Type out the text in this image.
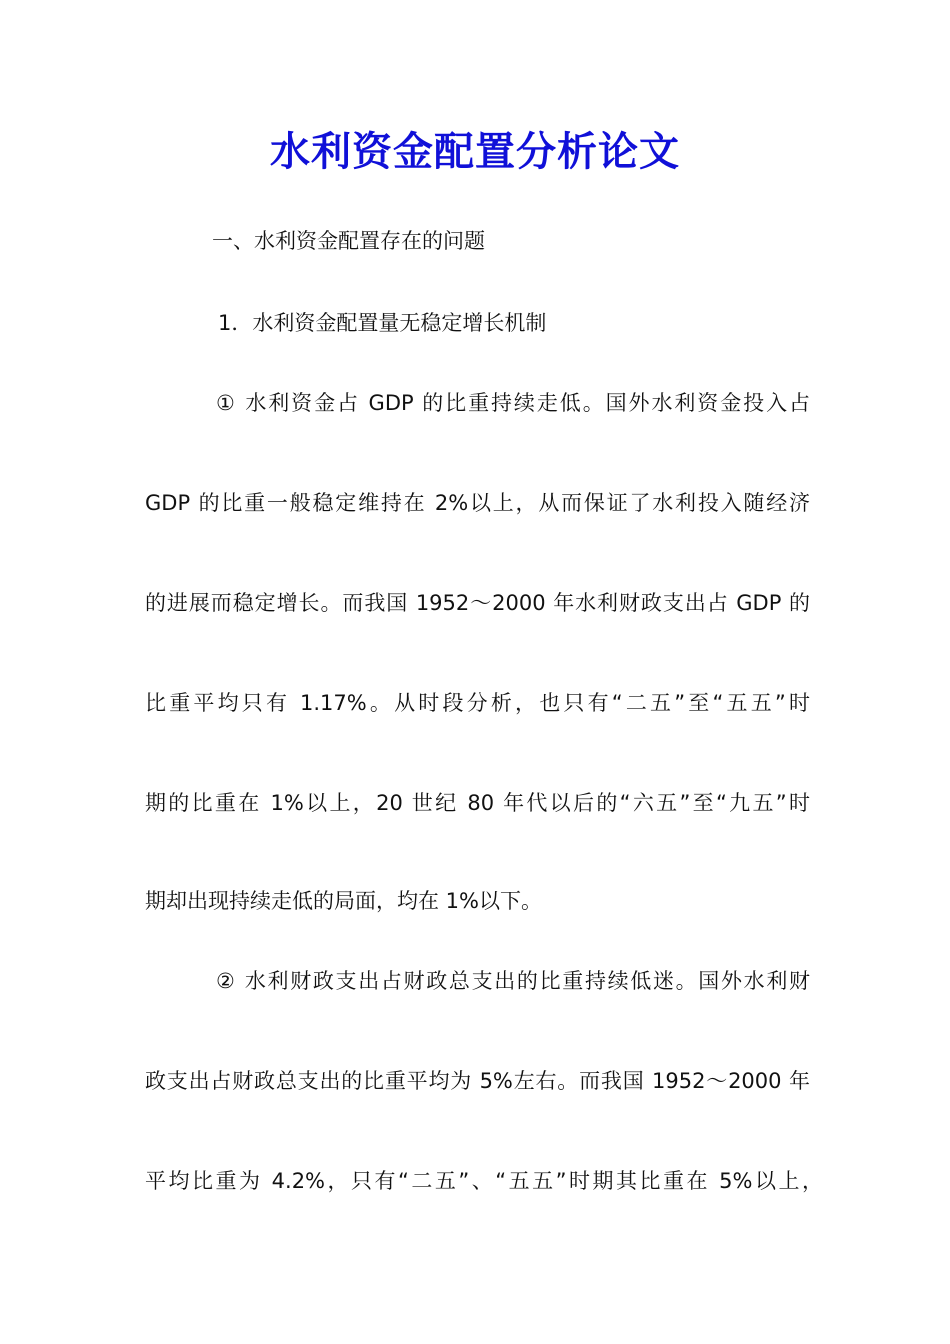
水利资金配置分析论文
一、水利资金配置存在的问题
1．水利资金配置量无稳定增长机制
① 水利资金占 GDP 的比重持续走低。国外水利资金投入占
GDP 的比重一般稳定维持在 2%以上，从而保证了水利投入随经济
的进展而稳定增长。而我国 1952～2000 年水利财政支出占 GDP 的
比重平均只有 1.17%。从时段分析，也只有“二五”至“五五”时
期的比重在 1%以上，20 世纪 80 年代以后的“六五”至“九五”时
期却出现持续走低的局面，均在 1%以下。
② 水利财政支出占财政总支出的比重持续低迷。国外水利财
政支出占财政总支出的比重平均为 5%左右。而我国 1952～2000 年
平均比重为 4.2%，只有“二五”、“五五”时期其比重在 5%以上，
